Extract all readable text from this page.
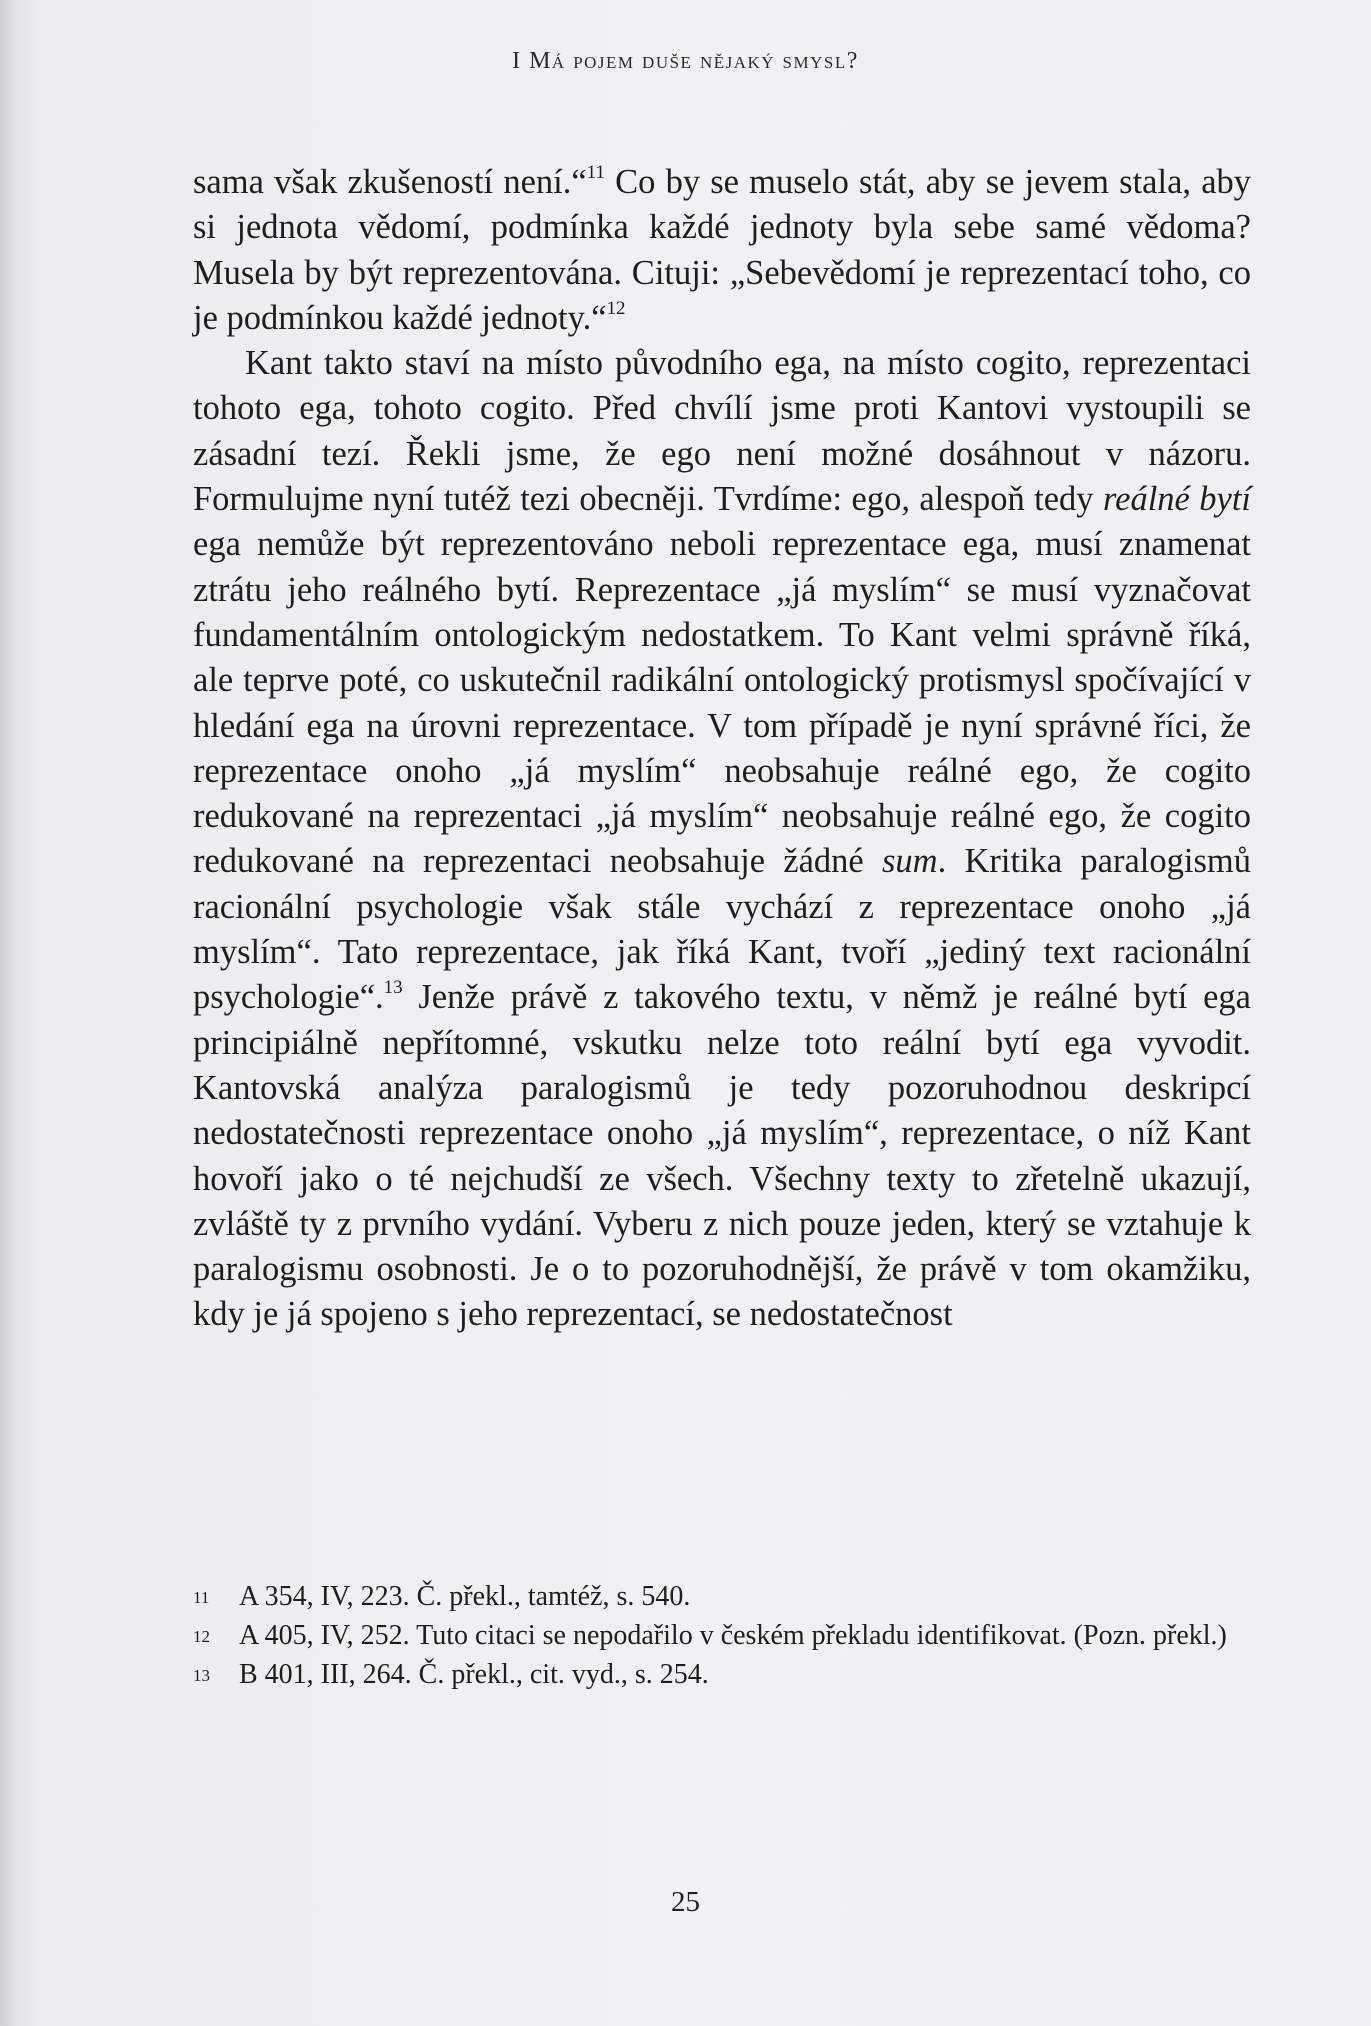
I Má pojem duše nějaký smysl?

sama však zkušeností není.“$^{11}$ Co by se muselo stát, aby se jevem stala, aby si jednota vědomí, podmínka každé jednoty byla sebe samé vědoma? Musela by být reprezentována. Cituji: „Sebevědomí je reprezentací toho, co je podmínkou každé jednoty.“$^{12}$

Kant takto staví na místo původního ega, na místo cogito, reprezentaci tohoto ega, tohoto cogito. Před chvílí jsme proti Kantovi vystoupili se zásadní tezí. Řekli jsme, že ego není možné dosáhnout v názoru. Formulujme nyní tutéž tezi obecněji. Tvrdíme: ego, alespoň tedy reálné bytí ega nemůže být reprezentováno neboli reprezentace ega, musí znamenat ztrátu jeho reálného bytí. Reprezentace „já myslím“ se musí vyznačovat fundamentálním ontologickým nedostatkem. To Kant velmi správně říká, ale teprve poté, co uskutečnil radikální ontologický protismysl spočívající v hledání ega na úrovni reprezentace. V tom případě je nyní správné říci, že reprezentace onoho „já myslím“ neobsahuje reálné ego, že cogito redukované na reprezentaci „já myslím“ neobsahuje reálné ego, že cogito redukované na reprezentaci neobsahuje žádné sum. Kritika paralogismů racionální psychologie však stále vychází z reprezentace onoho „já myslím“. Tato reprezentace, jak říká Kant, tvoří „jediný text racionální psychologie“.$^{13}$ Jenže právě z takového textu, v němž je reálné bytí ega principiálně nepřítomné, vskutku nelze toto reální bytí ega vyvodit. Kantovská analýza paralogismů je tedy pozoruhodnou deskripcí nedostatečnosti reprezentace onoho „já myslím“, reprezentace, o níž Kant hovoří jako o té nejchudší ze všech. Všechny texty to zřetelně ukazují, zvláště ty z prvního vydání. Vyberu z nich pouze jeden, který se vztahuje k paralogismu osobnosti. Je o to pozoruhodnější, že právě v tom okamžiku, kdy je já spojeno s jeho reprezentací, se nedostatečnost

11 A 354, IV, 223. Č. překl., tamtéž, s. 540.
12 A 405, IV, 252. Tuto citaci se nepodařilo v českém překladu identifikovat. (Pozn. překl.)
13 B 401, III, 264. Č. překl., cit. vyd., s. 254.
25
